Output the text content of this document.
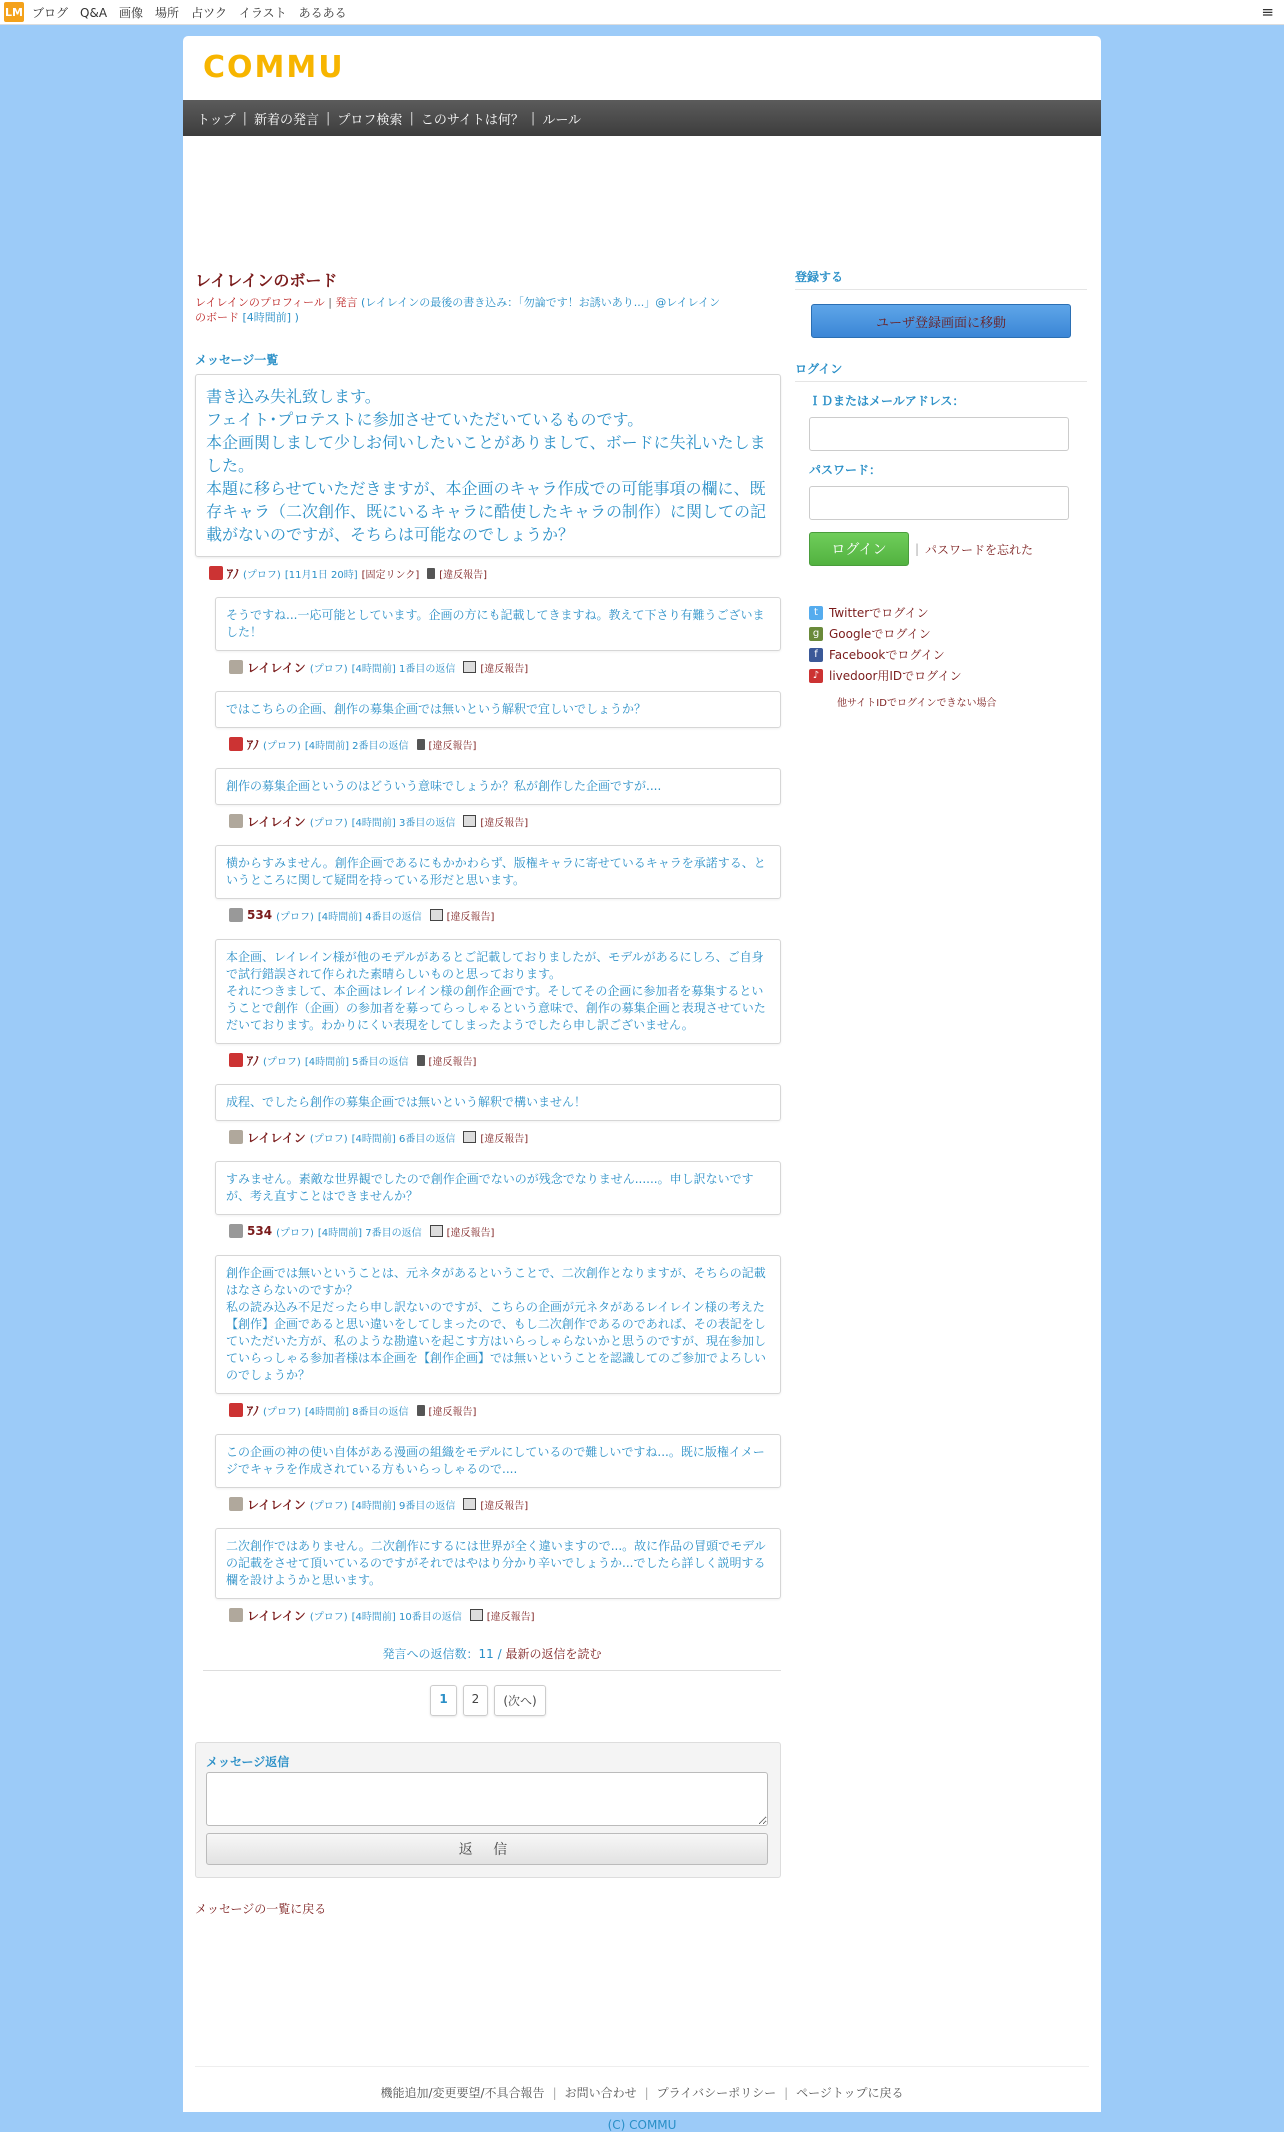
LM ブログ Q&A 画像 場所 占ツク イラスト あるある	≡
COMMU
トップ | 新着の発言 | プロフ検索 | このサイトは何？ | ルール
レイレインのボード
レイレインのプロフィール | 発言 (レイレインの最後の書き込み：「勿論です！お誘いあり...」@レイレイン
のボード [4時間前] )
メッセージ一覧
書き込み失礼致します。
フェイト･プロテストに参加させていただいているものです。
本企画関しまして少しお伺いしたいことがありまして、ボードに失礼いたしました。
本題に移らせていただきますが、本企画のキャラ作成での可能事項の欄に、既存キャラ（二次創作、既にいるキャラに酷使したキャラの制作）に関しての記載がないのですが、そちらは可能なのでしょうか？
ｱﾉ (プロフ) [11月1日 20時] [固定リンク] [違反報告]
そうですね...一応可能としています。企画の方にも記載してきますね。教えて下さり有難うございました！
レイレイン (プロフ) [4時間前] 1番目の返信	[違反報告]
ではこちらの企画、創作の募集企画では無いという解釈で宜しいでしょうか？
ｱﾉ (プロフ) [4時間前] 2番目の返信 [違反報告]
創作の募集企画というのはどういう意味でしょうか？私が創作した企画ですが....
レイレイン (プロフ) [4時間前] 3番目の返信	[違反報告]
横からすみません。創作企画であるにもかかわらず、版権キャラに寄せているキャラを承諾する、というところに関して疑問を持っている形だと思います。
534 (プロフ) [4時間前] 4番目の返信	[違反報告]
本企画、レイレイン様が他のモデルがあるとご記載しておりましたが、モデルがあるにしろ、ご自身で試行錯誤されて作られた素晴らしいものと思っております。
それにつきまして、本企画はレイレイン様の創作企画です。そしてその企画に参加者を募集するということで創作（企画）の参加者を募ってらっしゃるという意味で、創作の募集企画と表現させていただいております。わかりにくい表現をしてしまったようでしたら申し訳ございません。
ｱﾉ (プロフ) [4時間前] 5番目の返信 [違反報告]
成程、でしたら創作の募集企画では無いという解釈で構いません！
レイレイン (プロフ) [4時間前] 6番目の返信	[違反報告]
すみません。素敵な世界観でしたので創作企画でないのが残念でなりません......。申し訳ないですが、考え直すことはできませんか？
534 (プロフ) [4時間前] 7番目の返信	[違反報告]
創作企画では無いということは、元ネタがあるということで、二次創作となりますが、そちらの記載はなさらないのですか？
私の読み込み不足だったら申し訳ないのですが、こちらの企画が元ネタがあるレイレイン様の考えた【創作】企画であると思い違いをしてしまったので、もし二次創作であるのであれば、その表記をしていただいた方が、私のような勘違いを起こす方はいらっしゃらないかと思うのですが、現在参加していらっしゃる参加者様は本企画を【創作企画】では無いということを認識してのご参加でよろしいのでしょうか？
ｱﾉ (プロフ) [4時間前] 8番目の返信 [違反報告]
この企画の神の使い自体がある漫画の組織をモデルにしているので難しいですね...。既に版権イメージでキャラを作成されている方もいらっしゃるので....
レイレイン (プロフ) [4時間前] 9番目の返信	[違反報告]
二次創作ではありません。二次創作にするには世界が全く違いますので...。故に作品の冒頭でモデルの記載をさせて頂いているのですがそれではやはり分かり辛いでしょうか...でしたら詳しく説明する欄を設けようかと思います。
レイレイン (プロフ) [4時間前] 10番目の返信	[違反報告]
発言への返信数：11 / 最新の返信を読む
1	2	(次へ)
メッセージ返信
返 信
メッセージの一覧に戻る
登録する
ユーザ登録画面に移動
ログイン
ＩＤまたはメールアドレス：
パスワード：
ログイン	| パスワードを忘れた
t Twitterでログイン
g Googleでログイン
f Facebookでログイン
♪ livedoor用IDでログイン
他サイトIDでログインできない場合
機能追加/変更要望/不具合報告 | お問い合わせ | プライバシーポリシー | ページトップに戻る
(C) COMMU
